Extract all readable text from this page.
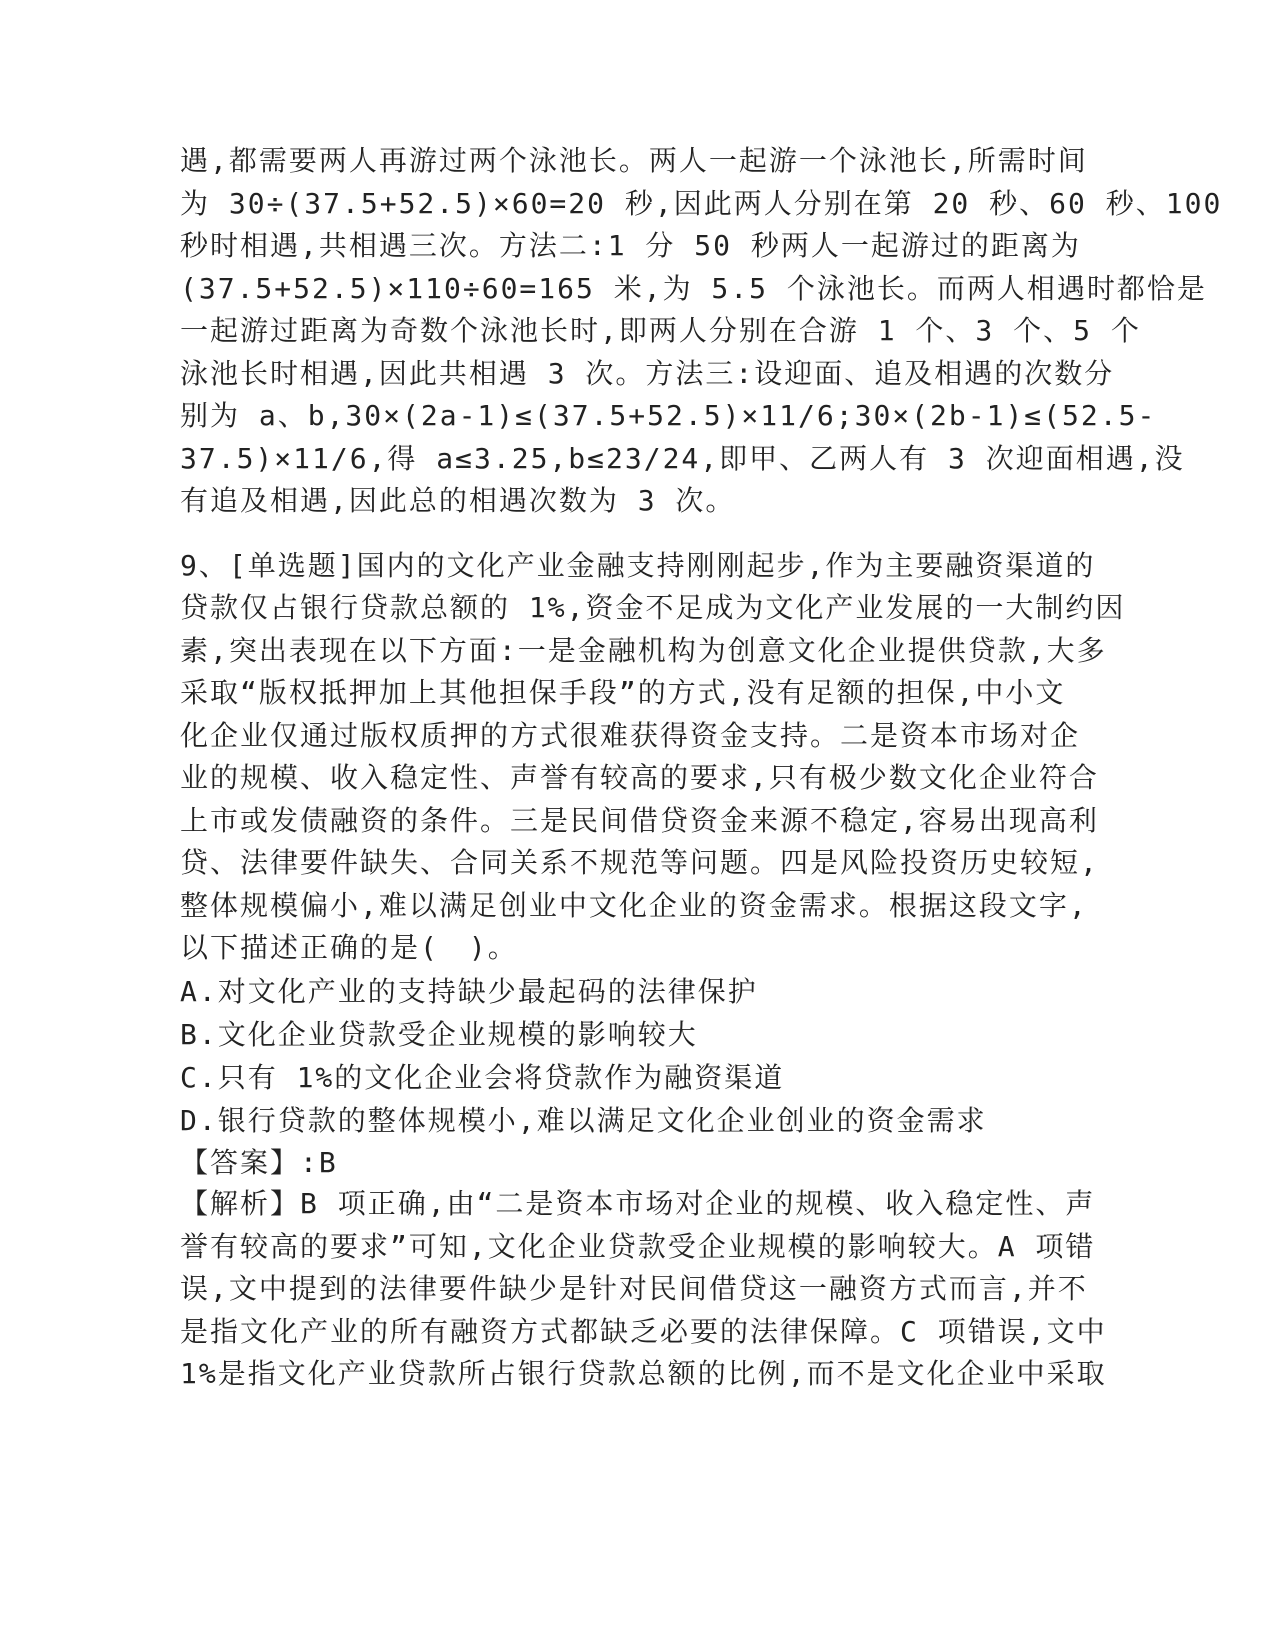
遇,都需要两人再游过两个泳池长。两人一起游一个泳池长,所需时间
为 30÷(37.5+52.5)×60=20 秒,因此两人分别在第 20 秒、60 秒、100
秒时相遇,共相遇三次。方法二:1 分 50 秒两人一起游过的距离为
(37.5+52.5)×110÷60=165 米,为 5.5 个泳池长。而两人相遇时都恰是
一起游过距离为奇数个泳池长时,即两人分别在合游 1 个、3 个、5 个
泳池长时相遇,因此共相遇 3 次。方法三:设迎面、追及相遇的次数分
别为 a、b,30×(2a-1)≤(37.5+52.5)×11/6;30×(2b-1)≤(52.5-
37.5)×11/6,得 a≤3.25,b≤23/24,即甲、乙两人有 3 次迎面相遇,没
有追及相遇,因此总的相遇次数为 3 次。
9、[单选题]国内的文化产业金融支持刚刚起步,作为主要融资渠道的
贷款仅占银行贷款总额的 1%,资金不足成为文化产业发展的一大制约因
素,突出表现在以下方面:一是金融机构为创意文化企业提供贷款,大多
采取“版权抵押加上其他担保手段”的方式,没有足额的担保,中小文
化企业仅通过版权质押的方式很难获得资金支持。二是资本市场对企
业的规模、收入稳定性、声誉有较高的要求,只有极少数文化企业符合
上市或发债融资的条件。三是民间借贷资金来源不稳定,容易出现高利
贷、法律要件缺失、合同关系不规范等问题。四是风险投资历史较短,
整体规模偏小,难以满足创业中文化企业的资金需求。根据这段文字,
以下描述正确的是(　)。
A.对文化产业的支持缺少最起码的法律保护
B.文化企业贷款受企业规模的影响较大
C.只有 1%的文化企业会将贷款作为融资渠道
D.银行贷款的整体规模小,难以满足文化企业创业的资金需求
【答案】:B
【解析】B 项正确,由“二是资本市场对企业的规模、收入稳定性、声
誉有较高的要求”可知,文化企业贷款受企业规模的影响较大。A 项错
误,文中提到的法律要件缺少是针对民间借贷这一融资方式而言,并不
是指文化产业的所有融资方式都缺乏必要的法律保障。C 项错误,文中
1%是指文化产业贷款所占银行贷款总额的比例,而不是文化企业中采取
